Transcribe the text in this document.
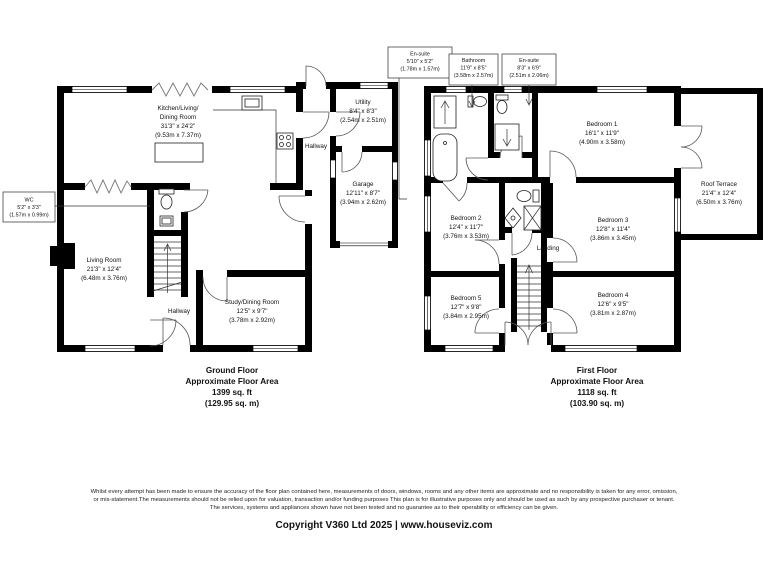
Kitchen/Living/
Dining Room
31'3" x 24'2"
(9.53m x 7.37m)
Living Room
21'3" x 12'4"
(6.48m x 3.76m)
Study/Dining Room
12'5" x 9'7"
(3.78m x 2.92m)
Utility
8'4" x 8'3"
(2.54m x 2.51m)
Garage
12'11" x 8'7"
(3.94m x 2.62m)
Hallway
Hallway
Ground Floor
Approximate Floor Area
1399 sq. ft
(129.95 sq. m)
Bedroom 1
16'1" x 11'9"
(4.90m x 3.58m)
Bedroom 2
12'4" x 11'7"
(3.76m x 3.53m)
Bedroom 3
12'8" x 11'4"
(3.86m x 3.45m)
Bedroom 4
12'6" x 9'5"
(3.81m x 2.87m)
Bedroom 5
12'7" x 9'8"
(3.84m x 2.95m)
Roof Terrace
21'4" x 12'4"
(6.50m x 3.76m)
Landing
First Floor
Approximate Floor Area
1118 sq. ft
(103.90 sq. m)
WC
5'2" x 3'3"
(1.57m x 0.99m)
En-suite
5'10" x 5'2"
(1.78m x 1.57m)
Bathroom
11'9" x 8'5"
(3.58m x 2.57m)
En-suite
8'3" x 6'9"
(2.51m x 2.06m)
Whilst every attempt has been made to ensure the accuracy of the floor plan contained here, measurements of doors, windows, rooms and any other items are approximate and no responsibility is taken for any error, omission,
or mis-statement.The measurements should not be relied upon for valuation, transaction and/or funding purposes This plan is for illustrative purposes only and should be used as such by any prospective purchaser or tenant.
The services, systems and appliances shown have not been tested and no guarantee as to their operability or efficiency can be given.
Copyright V360 Ltd 2025 | www.houseviz.com
